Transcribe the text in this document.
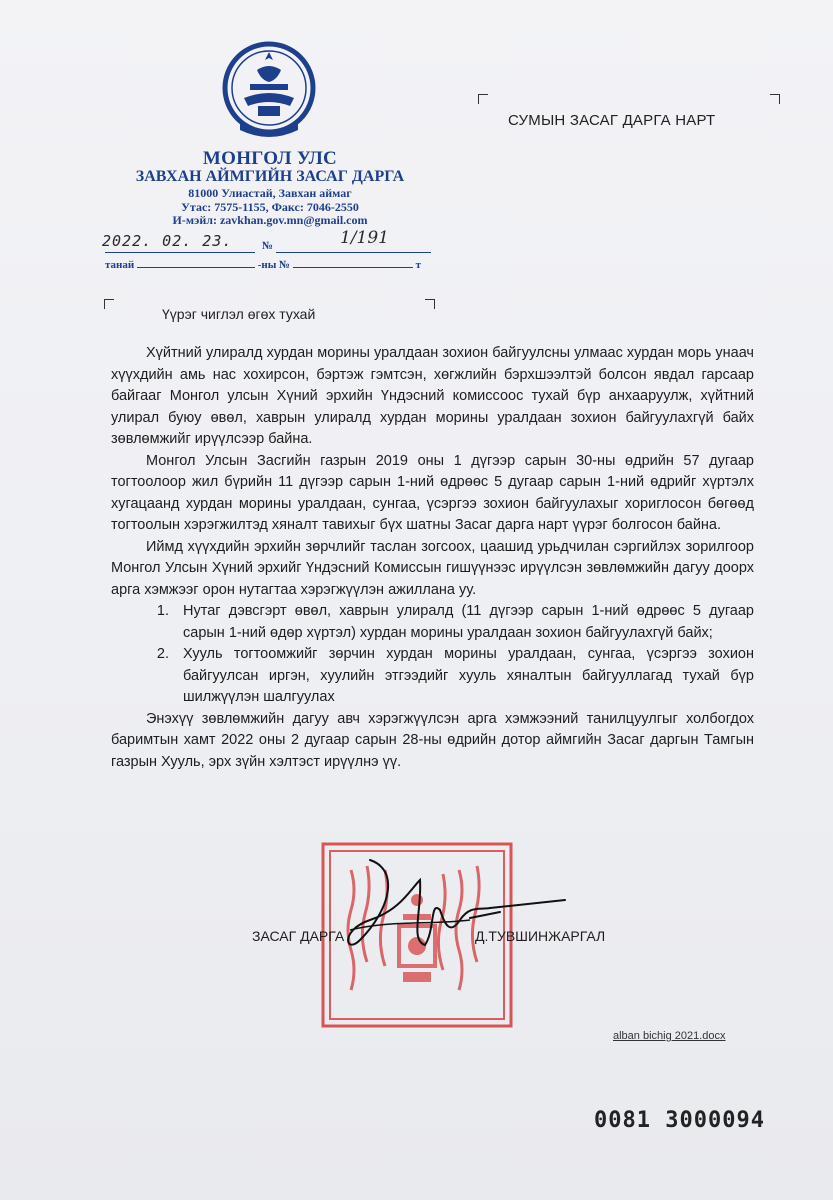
МОНГОЛ УЛС
ЗАВХАН АЙМГИЙН ЗАСАГ ДАРГА
81000 Улиастай, Завхан аймаг
Утас: 7575-1155, Факс: 7046-2550
И-мэйл: zavkhan.gov.mn@gmail.com
2022. 02. 23.	№	1/191
танай	-ны №	т
СУМЫН ЗАСАГ ДАРГА НАРТ
Үүрэг чиглэл өгөх тухай

Хүйтний улиралд хурдан морины уралдаан зохион байгуулсны улмаас хурдан морь унаач хүүхдийн амь нас хохирсон, бэртэж гэмтсэн, хөгжлийн бэрхшээлтэй болсон явдал гарсаар байгааг Монгол улсын Хүний эрхийн Үндэсний комиссоос тухай бүр анхааруулж, хүйтний улирал буюу өвөл, хаврын улиралд хурдан морины уралдаан зохион байгуулахгүй байх зөвлөмжийг ирүүлсээр байна.

Монгол Улсын Засгийн газрын 2019 оны 1 дүгээр сарын 30-ны өдрийн 57 дугаар тогтоолоор жил бүрийн 11 дүгээр сарын 1-ний өдрөөс 5 дугаар сарын 1-ний өдрийг хүртэлх хугацаанд хурдан морины уралдаан, сунгаа, үсэргээ зохион байгуулахыг хориглосон бөгөөд тогтоолын хэрэгжилтэд хяналт тавихыг бүх шатны Засаг дарга нарт үүрэг болгосон байна.

Иймд хүүхдийн эрхийн зөрчлийг таслан зогсоох, цаашид урьдчилан сэргийлэх зорилгоор Монгол Улсын Хүний эрхийг Үндэсний Комиссын гишүүнээс ирүүлсэн зөвлөмжийн дагуу доорх арга хэмжээг орон нутагтаа хэрэгжүүлэн ажиллана уу.

1. Нутаг дэвсгэрт өвөл, хаврын улиралд (11 дүгээр сарын 1-ний өдрөөс 5 дугаар сарын 1-ний өдөр хүртэл) хурдан морины уралдаан зохион байгуулахгүй байх;
2. Хууль тогтоомжийг зөрчин хурдан морины уралдаан, сунгаа, үсэргээ зохион байгуулсан иргэн, хуулийн этгээдийг хууль хяналтын байгууллагад тухай бүр шилжүүлэн шалгуулах

Энэхүү зөвлөмжийн дагуу авч хэрэгжүүлсэн арга хэмжээний танилцуулгыг холбогдох баримтын хамт 2022 оны 2 дугаар сарын 28-ны өдрийн дотор аймгийн Засаг даргын Тамгын газрын Хууль, эрх зүйн хэлтэст ирүүлнэ үү.

ЗАСАГ ДАРГА	Д.ТУВШИНЖАРГАЛ
alban bichig 2021.docx
0081 3000094
